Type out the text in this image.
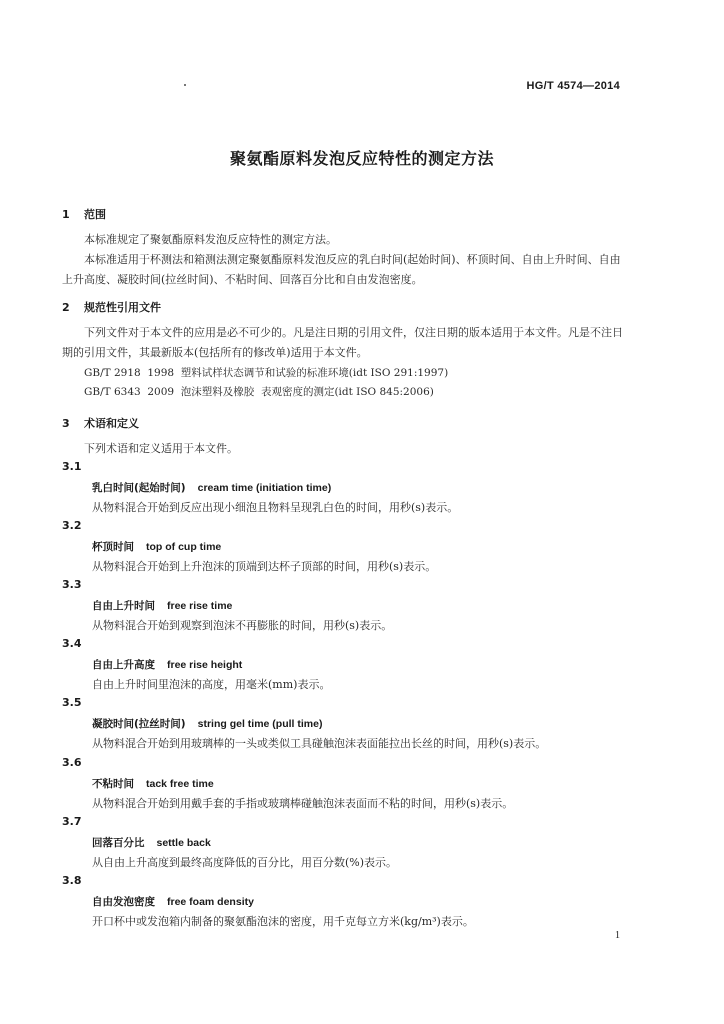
HG/T 4574—2014
聚氨酯原料发泡反应特性的测定方法
1 范围
本标准规定了聚氨酯原料发泡反应特性的测定方法。
本标准适用于杯测法和箱测法测定聚氨酯原料发泡反应的乳白时间(起始时间)、杯顶时间、自由上升时间、自由上升高度、凝胶时间(拉丝时间)、不粘时间、回落百分比和自由发泡密度。
2 规范性引用文件
下列文件对于本文件的应用是必不可少的。凡是注日期的引用文件，仅注日期的版本适用于本文件。凡是不注日期的引用文件，其最新版本(包括所有的修改单)适用于本文件。
GB/T 2918  1998  塑料试样状态调节和试验的标准环境(idt ISO 291:1997)
GB/T 6343  2009  泡沫塑料及橡胶  表观密度的测定(idt ISO 845:2006)
3 术语和定义
下列术语和定义适用于本文件。
3.1
乳白时间(起始时间) cream time (initiation time)
从物料混合开始到反应出现小细泡且物料呈现乳白色的时间，用秒(s)表示。
3.2
杯顶时间 top of cup time
从物料混合开始到上升泡沫的顶端到达杯子顶部的时间，用秒(s)表示。
3.3
自由上升时间 free rise time
从物料混合开始到观察到泡沫不再膨胀的时间，用秒(s)表示。
3.4
自由上升高度 free rise height
自由上升时间里泡沫的高度，用毫米(mm)表示。
3.5
凝胶时间(拉丝时间) string gel time (pull time)
从物料混合开始到用玻璃棒的一头或类似工具碰触泡沫表面能拉出长丝的时间，用秒(s)表示。
3.6
不粘时间 tack free time
从物料混合开始到用戴手套的手指或玻璃棒碰触泡沫表面而不粘的时间，用秒(s)表示。
3.7
回落百分比 settle back
从自由上升高度到最终高度降低的百分比，用百分数(%)表示。
3.8
自由发泡密度 free foam density
开口杯中或发泡箱内制备的聚氨酯泡沫的密度，用千克每立方米(kg/m³)表示。
1
